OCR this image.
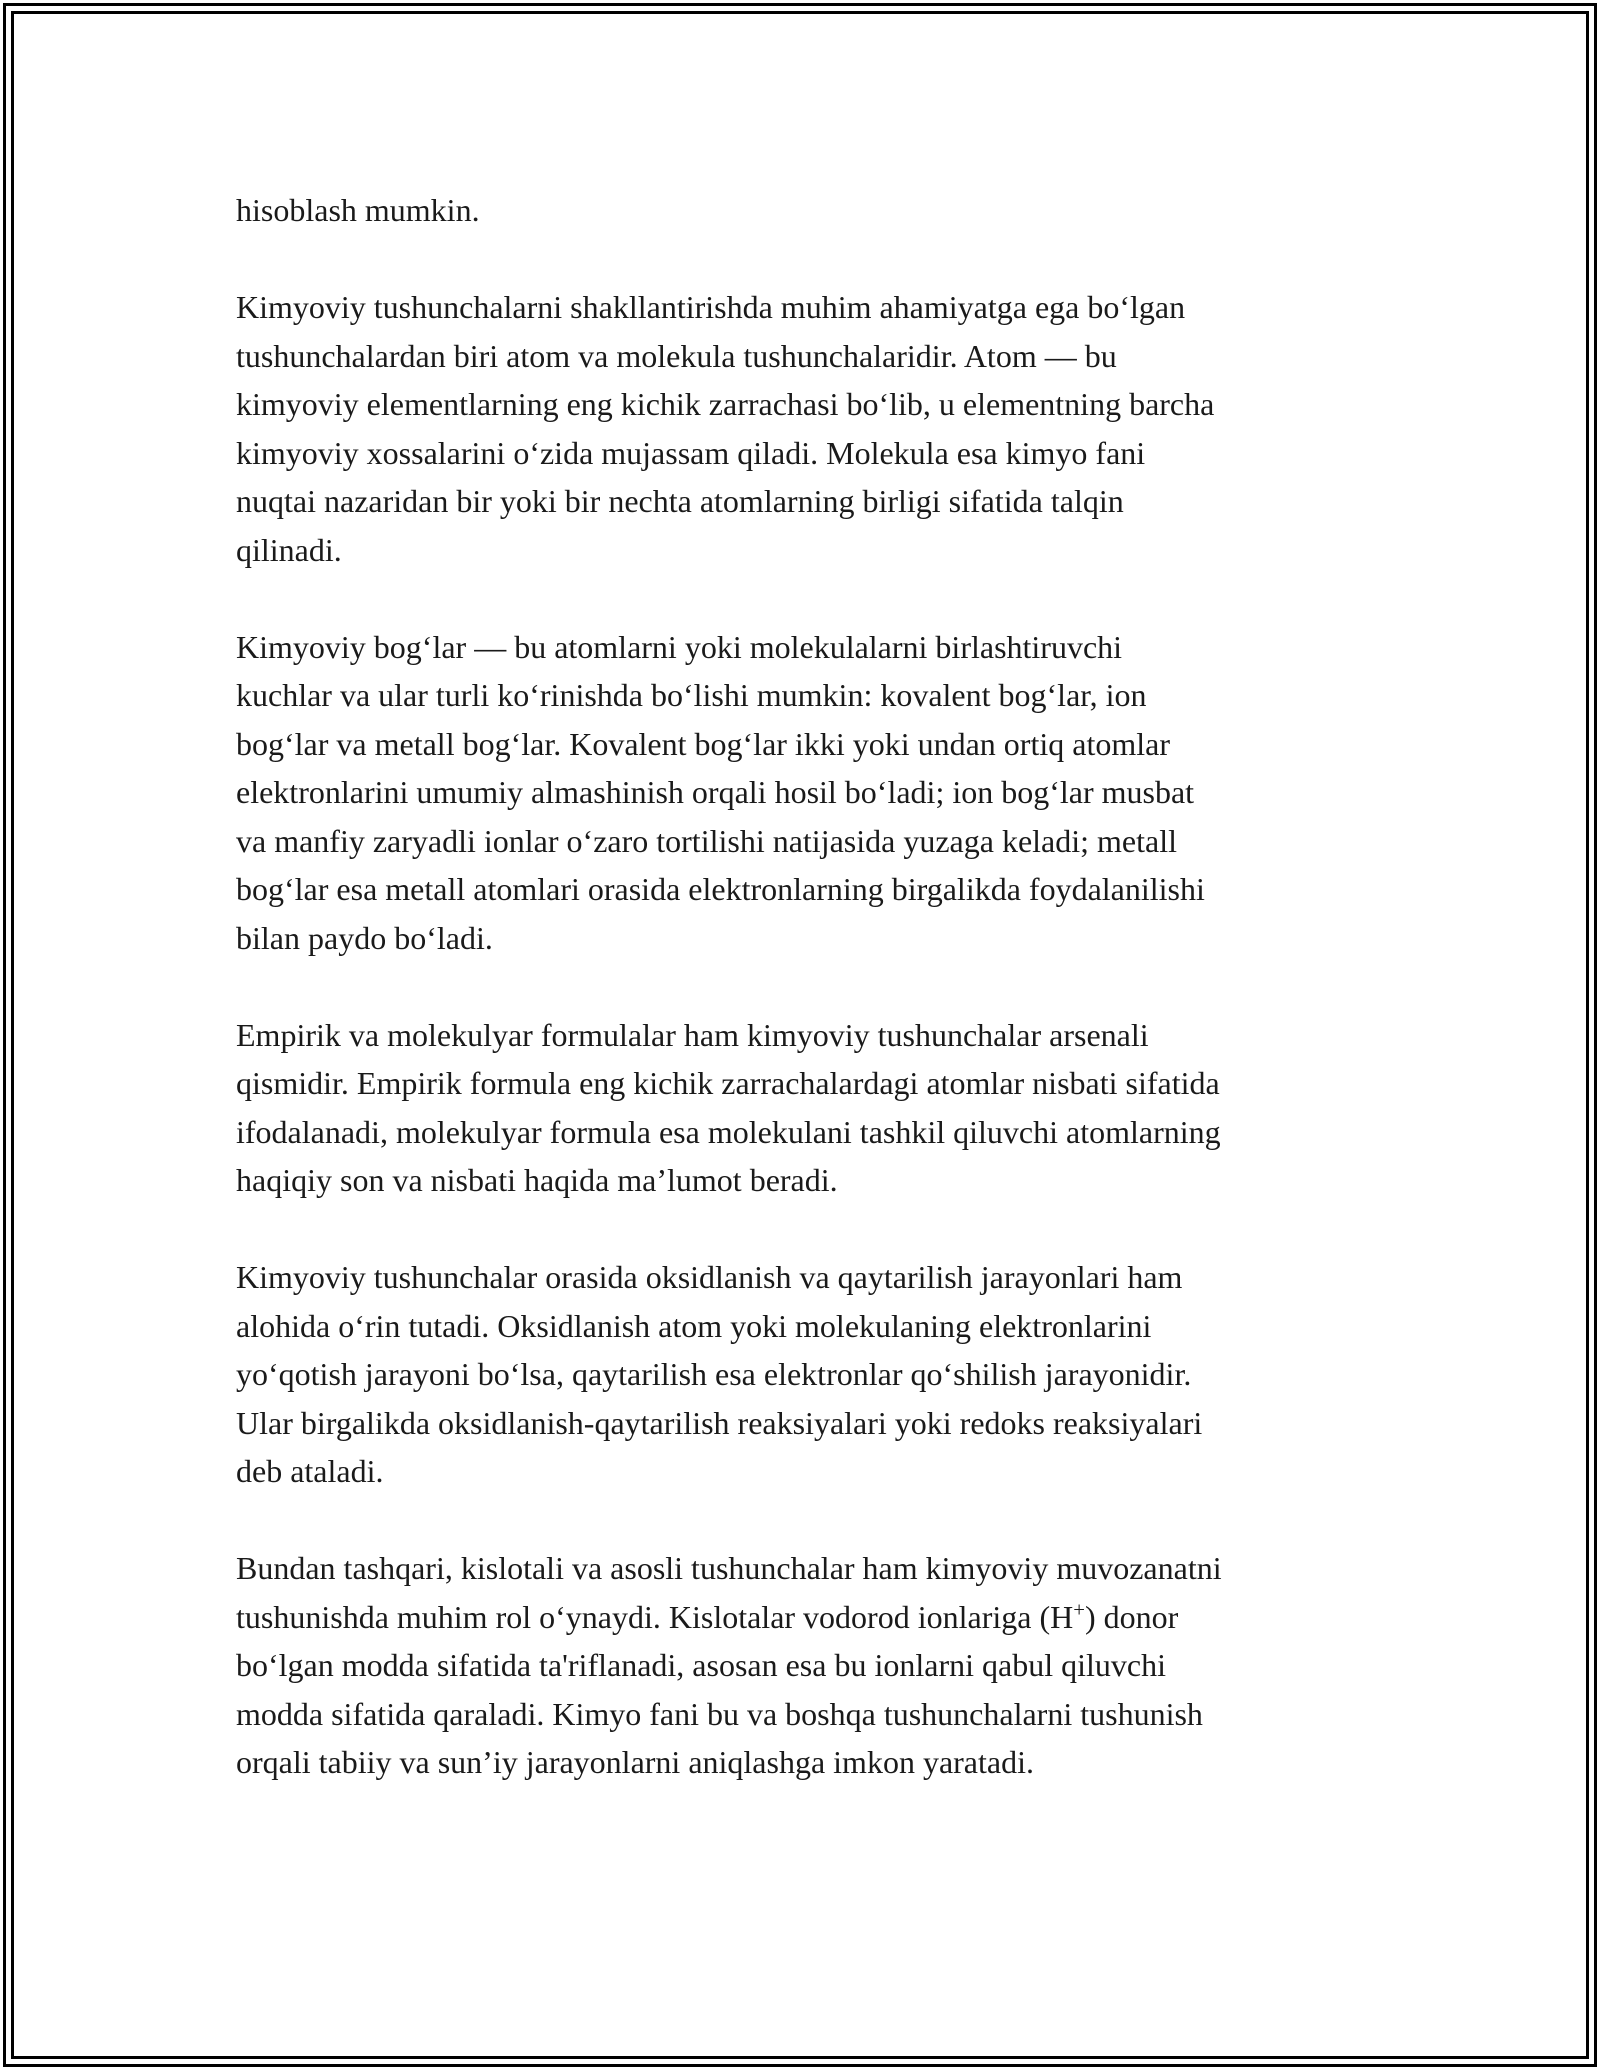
hisoblash mumkin.

Kimyoviy tushunchalarni shakllantirishda muhim ahamiyatga ega bo‘lgan
tushunchalardan biri atom va molekula tushunchalaridir. Atom — bu
kimyoviy elementlarning eng kichik zarrachasi bo‘lib, u elementning barcha
kimyoviy xossalarini o‘zida mujassam qiladi. Molekula esa kimyo fani
nuqtai nazaridan bir yoki bir nechta atomlarning birligi sifatida talqin
qilinadi.

Kimyoviy bog‘lar — bu atomlarni yoki molekulalarni birlashtiruvchi
kuchlar va ular turli ko‘rinishda bo‘lishi mumkin: kovalent bog‘lar, ion
bog‘lar va metall bog‘lar. Kovalent bog‘lar ikki yoki undan ortiq atomlar
elektronlarini umumiy almashinish orqali hosil bo‘ladi; ion bog‘lar musbat
va manfiy zaryadli ionlar o‘zaro tortilishi natijasida yuzaga keladi; metall
bog‘lar esa metall atomlari orasida elektronlarning birgalikda foydalanilishi
bilan paydo bo‘ladi.

Empirik va molekulyar formulalar ham kimyoviy tushunchalar arsenali
qismidir. Empirik formula eng kichik zarrachalardagi atomlar nisbati sifatida
ifodalanadi, molekulyar formula esa molekulani tashkil qiluvchi atomlarning
haqiqiy son va nisbati haqida ma’lumot beradi.

Kimyoviy tushunchalar orasida oksidlanish va qaytarilish jarayonlari ham
alohida o‘rin tutadi. Oksidlanish atom yoki molekulaning elektronlarini
yo‘qotish jarayoni bo‘lsa, qaytarilish esa elektronlar qo‘shilish jarayonidir.
Ular birgalikda oksidlanish-qaytarilish reaksiyalari yoki redoks reaksiyalari
deb ataladi.

Bundan tashqari, kislotali va asosli tushunchalar ham kimyoviy muvozanatni
tushunishda muhim rol o‘ynaydi. Kislotalar vodorod ionlariga (H+) donor
bo‘lgan modda sifatida ta'riflanadi, asosan esa bu ionlarni qabul qiluvchi
modda sifatida qaraladi. Kimyo fani bu va boshqa tushunchalarni tushunish
orqali tabiiy va sun’iy jarayonlarni aniqlashga imkon yaratadi.
